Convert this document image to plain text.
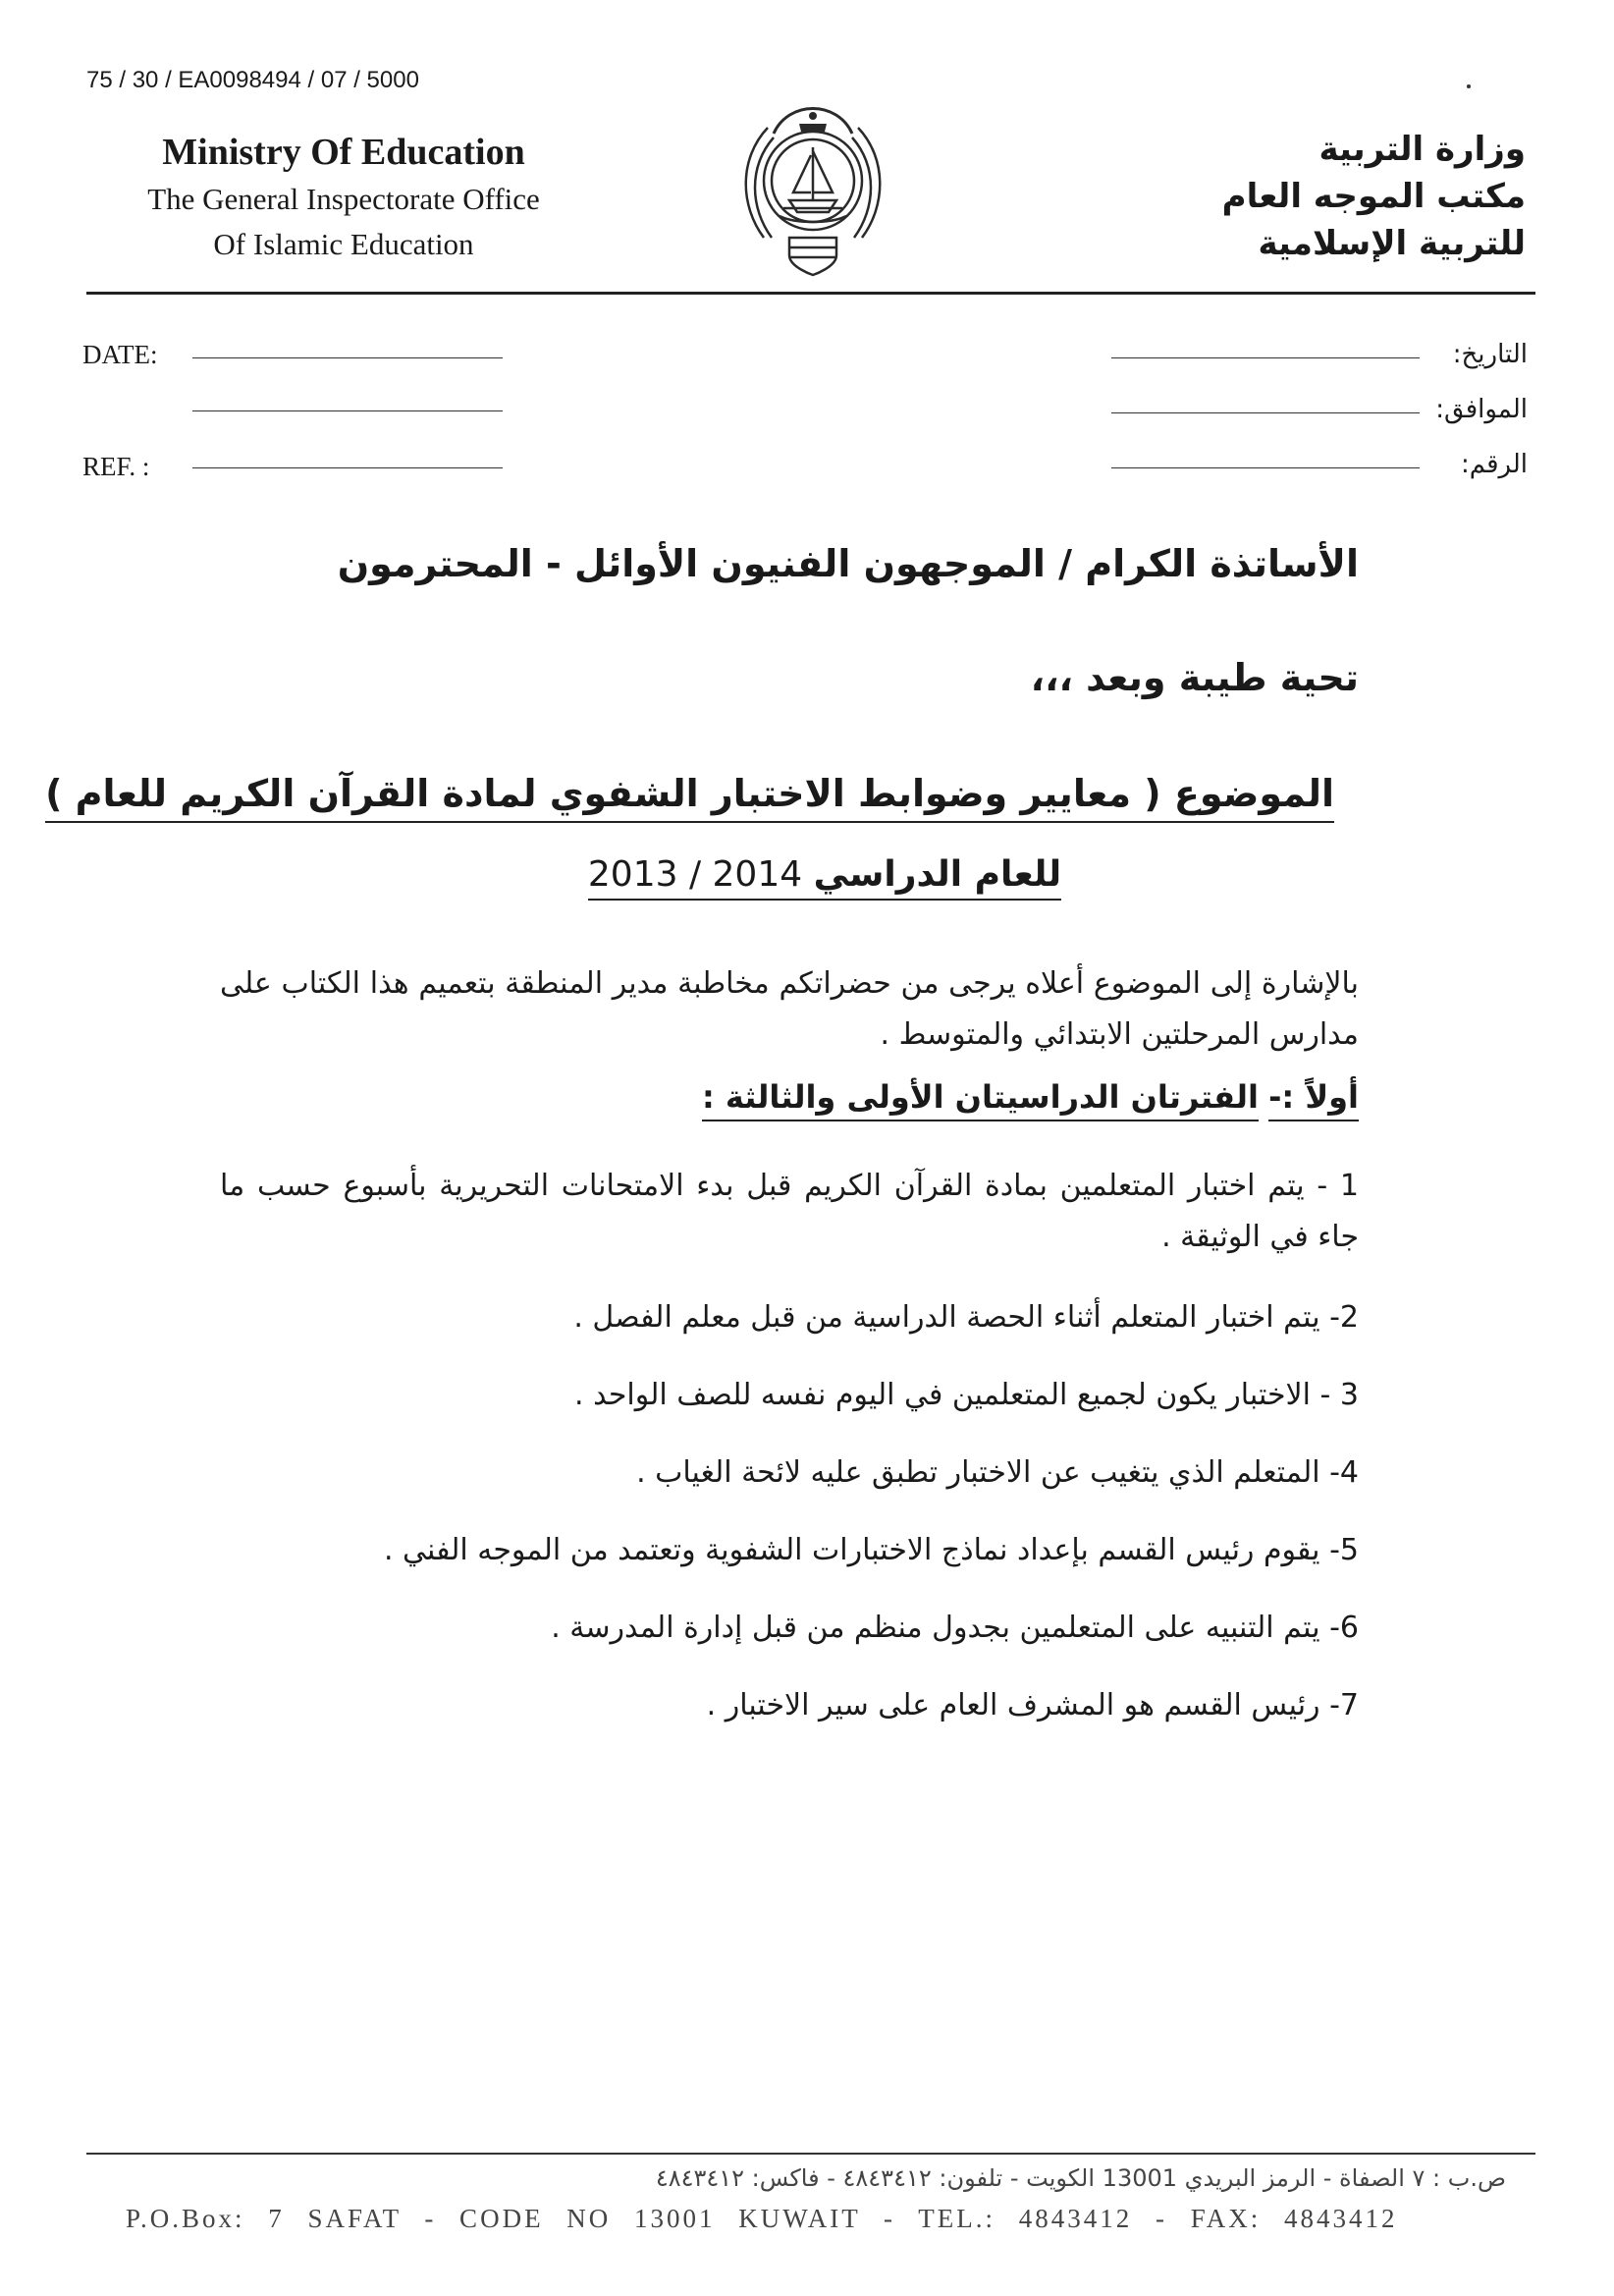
75 / 30 / EA0098494 / 07 / 5000
Ministry Of Education
The General Inspectorate Office
Of Islamic Education
وزارة التربية
مكتب الموجه العام
للتربية الإسلامية
DATE:
REF. :
التاريخ:
الموافق:
الرقم:
الأساتذة الكرام / الموجهون الفنيون الأوائل - المحترمون
تحية طيبة وبعد ،،،
الموضوع ( معايير وضوابط الاختبار الشفوي لمادة القرآن الكريم للعام )
للعام الدراسي 2013 / 2014
بالإشارة إلى الموضوع أعلاه يرجى من حضراتكم مخاطبة مدير المنطقة بتعميم هذا الكتاب على مدارس المرحلتين الابتدائي والمتوسط .
أولاً :- الفترتان الدراسيتان الأولى والثالثة :
1 - يتم اختبار المتعلمين بمادة القرآن الكريم قبل بدء الامتحانات التحريرية بأسبوع حسب ما جاء في الوثيقة .
2- يتم اختبار المتعلم أثناء الحصة الدراسية من قبل معلم الفصل .
3 - الاختبار يكون لجميع المتعلمين في اليوم نفسه للصف الواحد .
4- المتعلم الذي يتغيب عن الاختبار تطبق عليه لائحة الغياب .
5- يقوم رئيس القسم بإعداد نماذج الاختبارات الشفوية وتعتمد من الموجه الفني .
6- يتم التنبيه على المتعلمين بجدول منظم من قبل إدارة المدرسة .
7- رئيس القسم هو المشرف العام على سير الاختبار .
ص.ب : ٧ الصفاة - الرمز البريدي 13001 الكويت - تلفون: ٤٨٤٣٤١٢ - فاكس: ٤٨٤٣٤١٢
P.O.Box: 7 SAFAT - CODE NO 13001 KUWAIT - TEL.: 4843412 - FAX: 4843412
